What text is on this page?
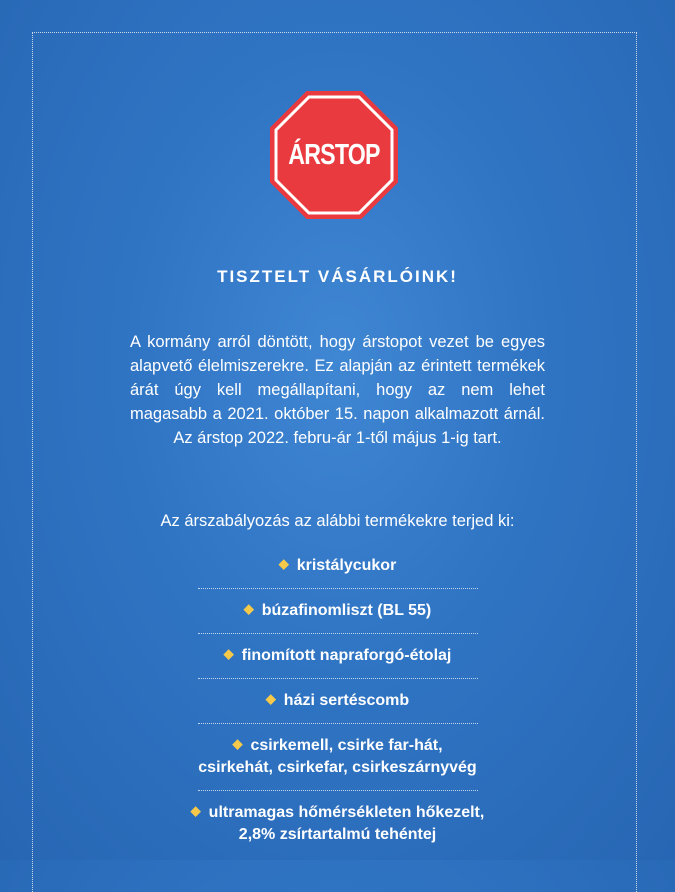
ÁRSTOP
TISZTELT VÁSÁRLÓINK!
A kormány arról döntött, hogy árstopot vezet be egyes alapvető élelmiszerekre. Ez alapján az érintett termékek árát úgy kell megállapítani, hogy az nem lehet magasabb a 2021. október 15. napon alkalmazott árnál. Az árstop 2022. febru-ár 1-től május 1-ig tart.
Az árszabályozás az alábbi termékekre terjed ki:
◆ kristálycukor
◆ búzafinomliszt (BL 55)
◆ finomított napraforgó-étolaj
◆ házi sertéscomb
◆ csirkemell, csirke far-hát,
csirkehát, csirkefar, csirkeszárnyvég
◆ ultramagas hőmérsékleten hőkezelt,
2,8% zsírtartalmú tehéntej
